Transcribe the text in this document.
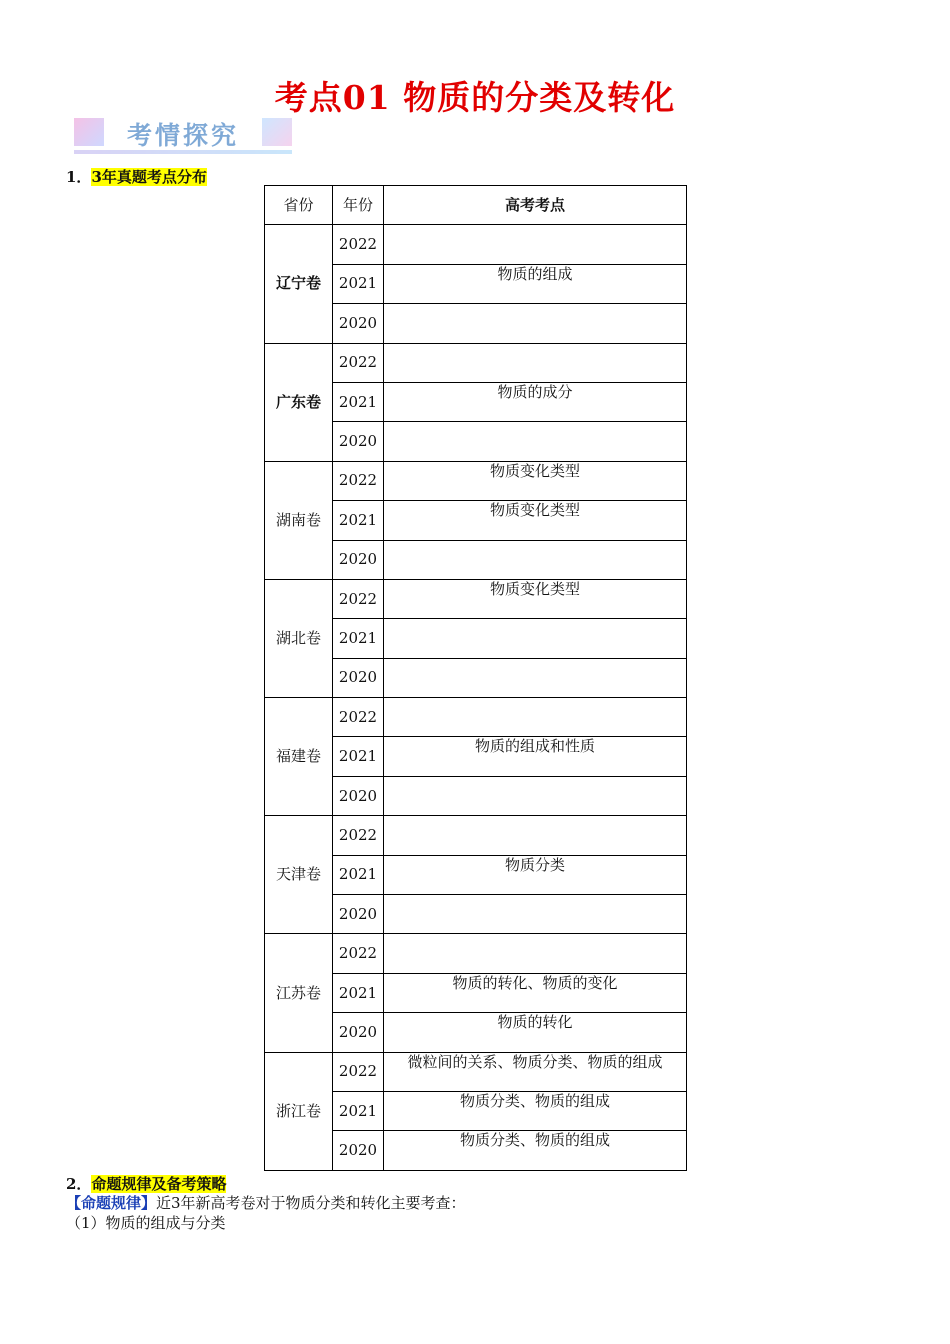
考点01 物质的分类及转化
考情探究
1．3年真题考点分布
省份	年份	高考考点
辽宁卷	2022	
	2021	物质的组成
	2020	
广东卷	2022	
	2021	物质的成分
	2020	
湖南卷	2022	物质变化类型
	2021	物质变化类型
	2020	
湖北卷	2022	物质变化类型
	2021	
	2020	
福建卷	2022	
	2021	物质的组成和性质
	2020	
天津卷	2022	
	2021	物质分类
	2020	
江苏卷	2022	
	2021	物质的转化、物质的变化
	2020	物质的转化
浙江卷	2022	微粒间的关系、物质分类、物质的组成
	2021	物质分类、物质的组成
	2020	物质分类、物质的组成
2．命题规律及备考策略
【命题规律】近3年新高考卷对于物质分类和转化主要考查：
（1）物质的组成与分类
